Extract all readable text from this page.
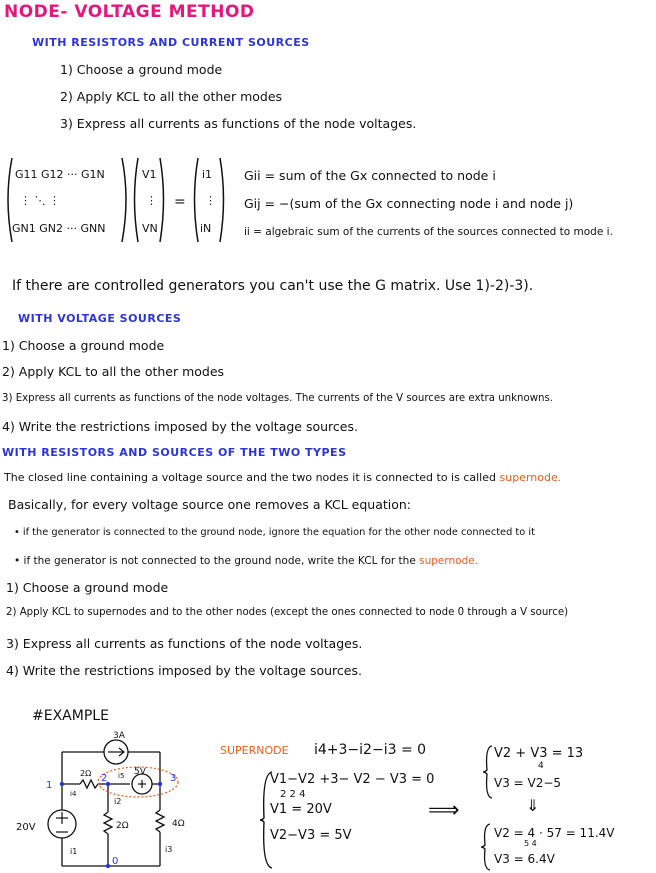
NODE- VOLTAGE METHOD
WITH RESISTORS AND CURRENT SOURCES
1) Choose a ground mode
2) Apply KCL to all the other modes
3) Express all currents as functions of the node voltages.
G11 G12 ··· G1N
⋮ ⋱ ⋮
GN1 GN2 ··· GNN
V1
⋮
VN
=
i1
⋮
iN
Gii = sum of the Gx connected to node i
Gij = −(sum of the Gx connecting node i and node j)
ii = algebraic sum of the currents of the sources connected to mode i.
If there are controlled generators you can't use the G matrix. Use 1)-2)-3).
WITH VOLTAGE SOURCES
1) Choose a ground mode
2) Apply KCL to all the other modes
3) Express all currents as functions of the node voltages. The currents of the V sources are extra unknowns.
4) Write the restrictions imposed by the voltage sources.
WITH RESISTORS AND SOURCES OF THE TWO TYPES
The closed line containing a voltage source and the two nodes it is connected to is called supernode.
Basically, for every voltage source one removes a KCL equation:
• if the generator is connected to the ground node, ignore the equation for the other node connected to it
• if the generator is not connected to the ground node, write the KCL for the supernode.
1) Choose a ground mode
2) Apply KCL to supernodes and to the other nodes (except the ones connected to node 0 through a V source)
3) Express all currents as functions of the node voltages.
4) Write the restrictions imposed by the voltage sources.
#EXAMPLE
3A
20V
5V
2Ω
2Ω	4Ω
i1
i2
i3
i4
i5
1
2	3
0
SUPERNODE i4+3−i2−i3 = 0
V1−V2 +3− V2 − V3 = 0
2 2 4
V1 = 20V
V2−V3 = 5V
⟹
V2 + V3 = 13
4
V3 = V2−5
⇓
V2 = 4 · 57 = 11.4V
5 4
V3 = 6.4V
